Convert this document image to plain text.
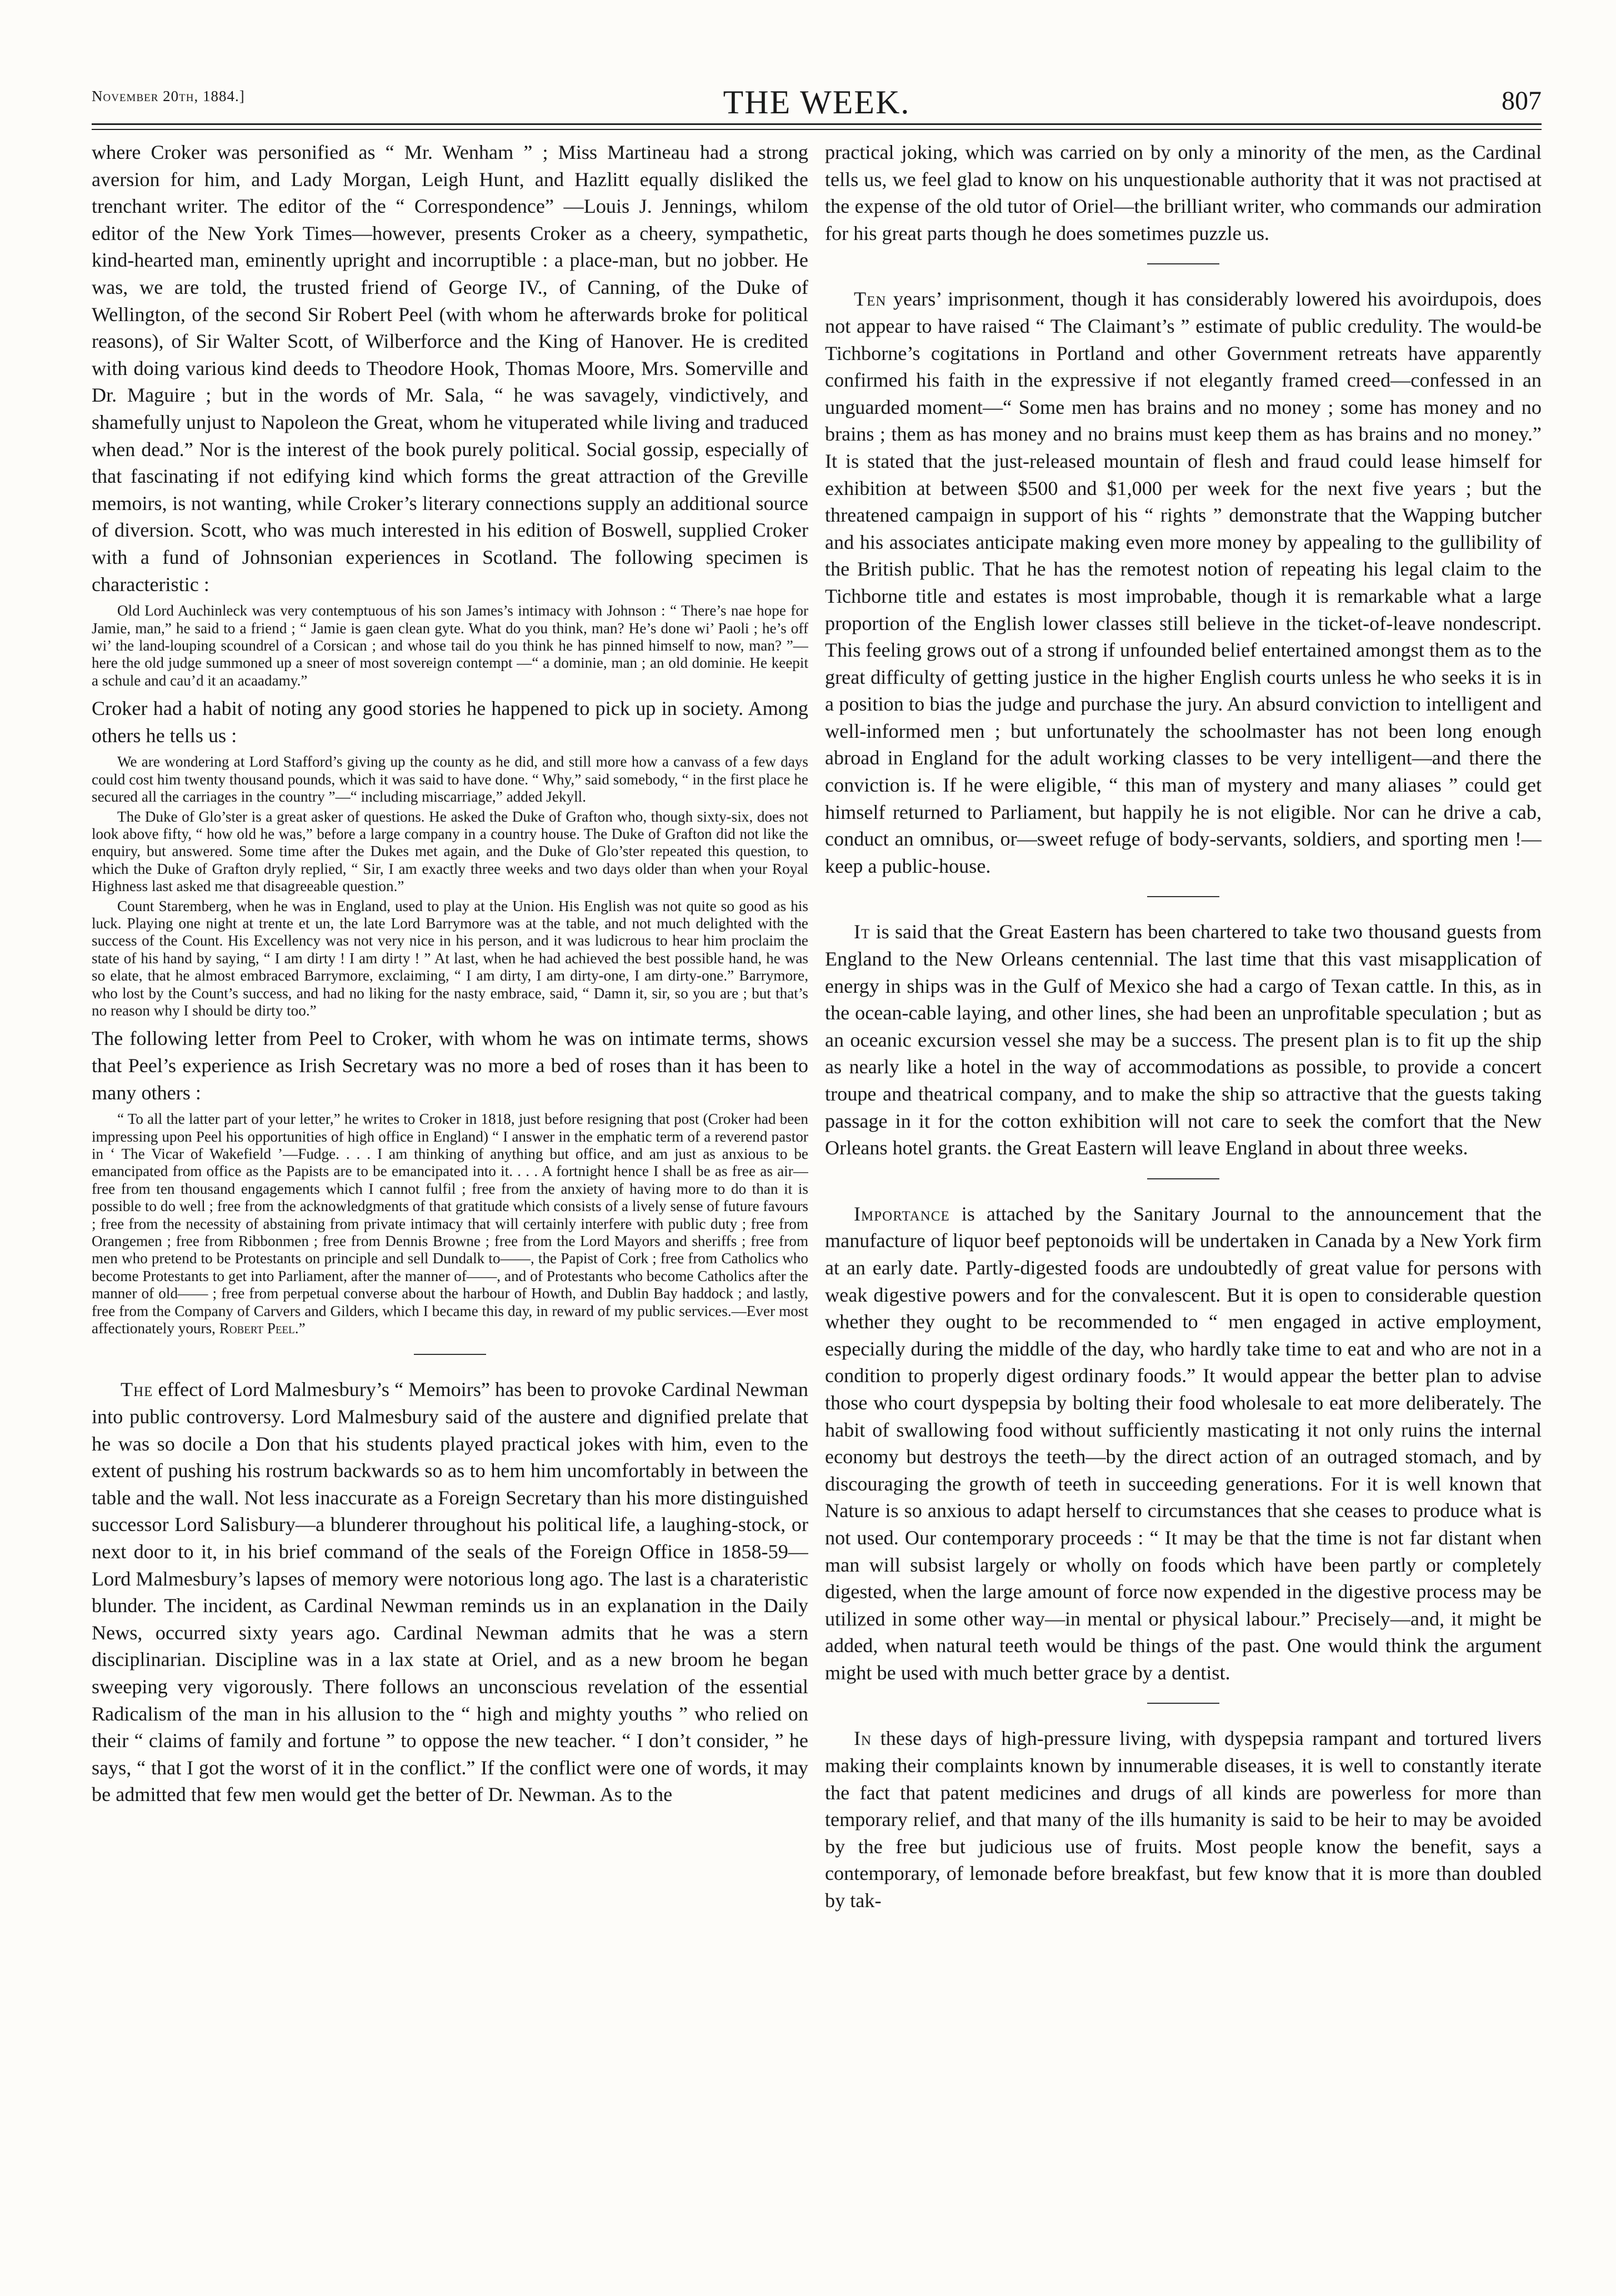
November 20th, 1884.]	THE WEEK.	807

where Croker was personified as “ Mr. Wenham ” ; Miss Martineau had a strong aversion for him, and Lady Morgan, Leigh Hunt, and Hazlitt equally disliked the trenchant writer. The editor of the “ Correspondence” —Louis J. Jennings, whilom editor of the New York Times—however, presents Croker as a cheery, sympathetic, kind-hearted man, eminently upright and incorruptible : a place-man, but no jobber. He was, we are told, the trusted friend of George IV., of Canning, of the Duke of Wellington, of the second Sir Robert Peel (with whom he afterwards broke for political reasons), of Sir Walter Scott, of Wilberforce and the King of Hanover. He is credited with doing various kind deeds to Theodore Hook, Thomas Moore, Mrs. Somerville and Dr. Maguire ; but in the words of Mr. Sala, “ he was savagely, vindictively, and shamefully unjust to Napoleon the Great, whom he vituperated while living and traduced when dead.” Nor is the interest of the book purely political. Social gossip, especially of that fascinating if not edifying kind which forms the great attraction of the Greville memoirs, is not wanting, while Croker’s literary connections supply an additional source of diversion. Scott, who was much interested in his edition of Boswell, supplied Croker with a fund of Johnsonian experiences in Scotland. The following specimen is characteristic :

Old Lord Auchinleck was very contemptuous of his son James’s intimacy with Johnson : “ There’s nae hope for Jamie, man,” he said to a friend ; “ Jamie is gaen clean gyte. What do you think, man? He’s done wi’ Paoli ; he’s off wi’ the land-louping scoundrel of a Corsican ; and whose tail do you think he has pinned himself to now, man? ”—here the old judge summoned up a sneer of most sovereign contempt —“ a dominie, man ; an old dominie. He keepit a schule and cau’d it an acaadamy.”

Croker had a habit of noting any good stories he happened to pick up in society. Among others he tells us :

We are wondering at Lord Stafford’s giving up the county as he did, and still more how a canvass of a few days could cost him twenty thousand pounds, which it was said to have done. “ Why,” said somebody, “ in the first place he secured all the carriages in the country ”—“ including miscarriage,” added Jekyll.

The Duke of Glo’ster is a great asker of questions. He asked the Duke of Grafton who, though sixty-six, does not look above fifty, “ how old he was,” before a large company in a country house. The Duke of Grafton did not like the enquiry, but answered. Some time after the Dukes met again, and the Duke of Glo’ster repeated this question, to which the Duke of Grafton dryly replied, “ Sir, I am exactly three weeks and two days older than when your Royal Highness last asked me that disagreeable question.”

Count Staremberg, when he was in England, used to play at the Union. His English was not quite so good as his luck. Playing one night at trente et un, the late Lord Barrymore was at the table, and not much delighted with the success of the Count. His Excellency was not very nice in his person, and it was ludicrous to hear him proclaim the state of his hand by saying, “ I am dirty ! I am dirty ! ” At last, when he had achieved the best possible hand, he was so elate, that he almost embraced Barrymore, exclaiming, “ I am dirty, I am dirty-one, I am dirty-one.” Barrymore, who lost by the Count’s success, and had no liking for the nasty embrace, said, “ Damn it, sir, so you are ; but that’s no reason why I should be dirty too.”

The following letter from Peel to Croker, with whom he was on intimate terms, shows that Peel’s experience as Irish Secretary was no more a bed of roses than it has been to many others :

“ To all the latter part of your letter,” he writes to Croker in 1818, just before resigning that post (Croker had been impressing upon Peel his opportunities of high office in England) “ I answer in the emphatic term of a reverend pastor in ‘ The Vicar of Wakefield ’—Fudge. . . . I am thinking of anything but office, and am just as anxious to be emancipated from office as the Papists are to be emancipated into it. . . . A fortnight hence I shall be as free as air—free from ten thousand engagements which I cannot fulfil ; free from the anxiety of having more to do than it is possible to do well ; free from the acknowledgments of that gratitude which consists of a lively sense of future favours ; free from the necessity of abstaining from private intimacy that will certainly interfere with public duty ; free from Orangemen ; free from Ribbonmen ; free from Dennis Browne ; free from the Lord Mayors and sheriffs ; free from men who pretend to be Protestants on principle and sell Dundalk to——, the Papist of Cork ; free from Catholics who become Protestants to get into Parliament, after the manner of——, and of Protestants who become Catholics after the manner of old—— ; free from perpetual converse about the harbour of Howth, and Dublin Bay haddock ; and lastly, free from the Company of Carvers and Gilders, which I became this day, in reward of my public services.—Ever most affectionately yours, Robert Peel.”

The effect of Lord Malmesbury’s “ Memoirs” has been to provoke Cardinal Newman into public controversy. Lord Malmesbury said of the austere and dignified prelate that he was so docile a Don that his students played practical jokes with him, even to the extent of pushing his rostrum backwards so as to hem him uncomfortably in between the table and the wall. Not less inaccurate as a Foreign Secretary than his more distinguished successor Lord Salisbury—a blunderer throughout his political life, a laughing-stock, or next door to it, in his brief command of the seals of the Foreign Office in 1858-59—Lord Malmesbury’s lapses of memory were notorious long ago. The last is a charateristic blunder. The incident, as Cardinal Newman reminds us in an explanation in the Daily News, occurred sixty years ago. Cardinal Newman admits that he was a stern disciplinarian. Discipline was in a lax state at Oriel, and as a new broom he began sweeping very vigorously. There follows an unconscious revelation of the essential Radicalism of the man in his allusion to the “ high and mighty youths ” who relied on their “ claims of family and fortune ” to oppose the new teacher. “ I don’t consider, ” he says, “ that I got the worst of it in the conflict.” If the conflict were one of words, it may be admitted that few men would get the better of Dr. Newman. As to the

practical joking, which was carried on by only a minority of the men, as the Cardinal tells us, we feel glad to know on his unquestionable authority that it was not practised at the expense of the old tutor of Oriel—the brilliant writer, who commands our admiration for his great parts though he does sometimes puzzle us.

Ten years’ imprisonment, though it has considerably lowered his avoirdupois, does not appear to have raised “ The Claimant’s ” estimate of public credulity. The would-be Tichborne’s cogitations in Portland and other Government retreats have apparently confirmed his faith in the expressive if not elegantly framed creed—confessed in an unguarded moment—“ Some men has brains and no money ; some has money and no brains ; them as has money and no brains must keep them as has brains and no money.” It is stated that the just-released mountain of flesh and fraud could lease himself for exhibition at between $500 and $1,000 per week for the next five years ; but the threatened campaign in support of his “ rights ” demonstrate that the Wapping butcher and his associates anticipate making even more money by appealing to the gullibility of the British public. That he has the remotest notion of repeating his legal claim to the Tichborne title and estates is most improbable, though it is remarkable what a large proportion of the English lower classes still believe in the ticket-of-leave nondescript. This feeling grows out of a strong if unfounded belief entertained amongst them as to the great difficulty of getting justice in the higher English courts unless he who seeks it is in a position to bias the judge and purchase the jury. An absurd conviction to intelligent and well-informed men ; but unfortunately the schoolmaster has not been long enough abroad in England for the adult working classes to be very intelligent—and there the conviction is. If he were eligible, “ this man of mystery and many aliases ” could get himself returned to Parliament, but happily he is not eligible. Nor can he drive a cab, conduct an omnibus, or—sweet refuge of body-servants, soldiers, and sporting men !—keep a public-house.

It is said that the Great Eastern has been chartered to take two thousand guests from England to the New Orleans centennial. The last time that this vast misapplication of energy in ships was in the Gulf of Mexico she had a cargo of Texan cattle. In this, as in the ocean-cable laying, and other lines, she had been an unprofitable speculation ; but as an oceanic excursion vessel she may be a success. The present plan is to fit up the ship as nearly like a hotel in the way of accommodations as possible, to provide a concert troupe and theatrical company, and to make the ship so attractive that the guests taking passage in it for the cotton exhibition will not care to seek the comfort that the New Orleans hotel grants. the Great Eastern will leave England in about three weeks.

Importance is attached by the Sanitary Journal to the announcement that the manufacture of liquor beef peptonoids will be undertaken in Canada by a New York firm at an early date. Partly-digested foods are undoubtedly of great value for persons with weak digestive powers and for the convalescent. But it is open to considerable question whether they ought to be recommended to “ men engaged in active employment, especially during the middle of the day, who hardly take time to eat and who are not in a condition to properly digest ordinary foods.” It would appear the better plan to advise those who court dyspepsia by bolting their food wholesale to eat more deliberately. The habit of swallowing food without sufficiently masticating it not only ruins the internal economy but destroys the teeth—by the direct action of an outraged stomach, and by discouraging the growth of teeth in succeeding generations. For it is well known that Nature is so anxious to adapt herself to circumstances that she ceases to produce what is not used. Our contemporary proceeds : “ It may be that the time is not far distant when man will subsist largely or wholly on foods which have been partly or completely digested, when the large amount of force now expended in the digestive process may be utilized in some other way—in mental or physical labour.” Precisely—and, it might be added, when natural teeth would be things of the past. One would think the argument might be used with much better grace by a dentist.

In these days of high-pressure living, with dyspepsia rampant and tortured livers making their complaints known by innumerable diseases, it is well to constantly iterate the fact that patent medicines and drugs of all kinds are powerless for more than temporary relief, and that many of the ills humanity is said to be heir to may be avoided by the free but judicious use of fruits. Most people know the benefit, says a contemporary, of lemonade before breakfast, but few know that it is more than doubled by tak-
